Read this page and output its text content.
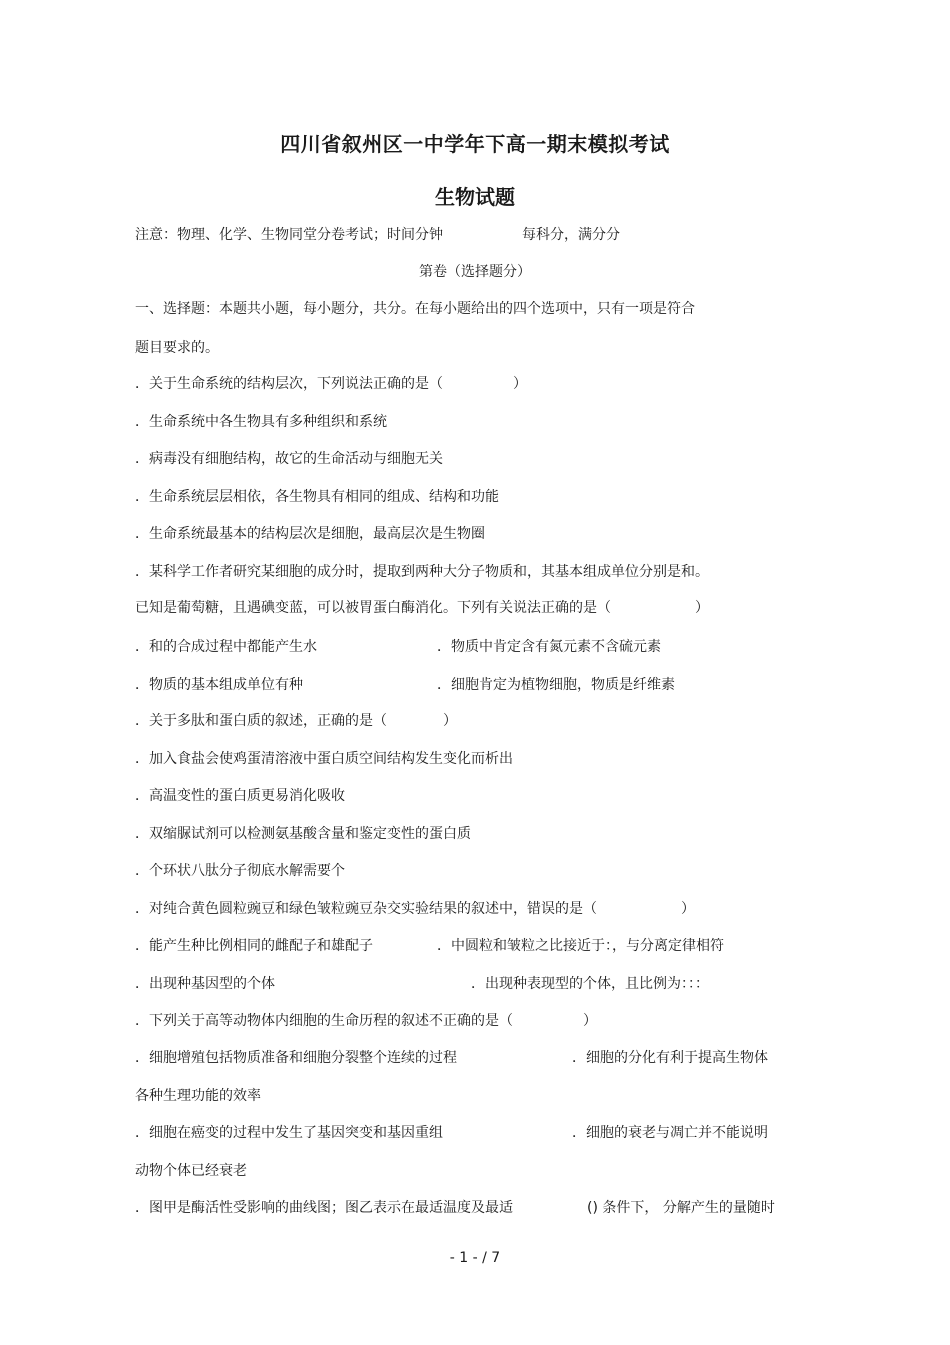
四川省叙州区一中学年下高一期末模拟考试
生物试题
注意：物理、化学、生物同堂分卷考试；时间分钟	每科分，满分分
第卷（选择题分）
一、选择题：本题共小题，每小题分，共分。在每小题给出的四个选项中，只有一项是符合
题目要求的。
．关于生命系统的结构层次，下列说法正确的是（　　　　　）
．生命系统中各生物具有多种组织和系统
．病毒没有细胞结构，故它的生命活动与细胞无关
．生命系统层层相依，各生物具有相同的组成、结构和功能
．生命系统最基本的结构层次是细胞，最高层次是生物圈
．某科学工作者研究某细胞的成分时，提取到两种大分子物质和，其基本组成单位分别是和。
已知是葡萄糖，且遇碘变蓝，可以被胃蛋白酶消化。下列有关说法正确的是（　　　　　　）
．和的合成过程中都能产生水	．物质中肯定含有氮元素不含硫元素
．物质的基本组成单位有种	．细胞肯定为植物细胞，物质是纤维素
．关于多肽和蛋白质的叙述，正确的是（　　　　）
．加入食盐会使鸡蛋清溶液中蛋白质空间结构发生变化而析出
．高温变性的蛋白质更易消化吸收
．双缩脲试剂可以检测氨基酸含量和鉴定变性的蛋白质
．个环状八肽分子彻底水解需要个
．对纯合黄色圆粒豌豆和绿色皱粒豌豆杂交实验结果的叙述中，错误的是（　　　　　　）
．能产生种比例相同的雌配子和雄配子	．中圆粒和皱粒之比接近于：，与分离定律相符
．出现种基因型的个体	．出现种表现型的个体，且比例为：：：
．下列关于高等动物体内细胞的生命历程的叙述不正确的是（　　　　　）
．细胞增殖包括物质准备和细胞分裂整个连续的过程	．细胞的分化有利于提高生物体
各种生理功能的效率
．细胞在癌变的过程中发生了基因突变和基因重组	．细胞的衰老与凋亡并不能说明
动物个体已经衰老
．图甲是酶活性受影响的曲线图；图乙表示在最适温度及最适	() 条件下， 分解产生的量随时
- 1 - / 7
